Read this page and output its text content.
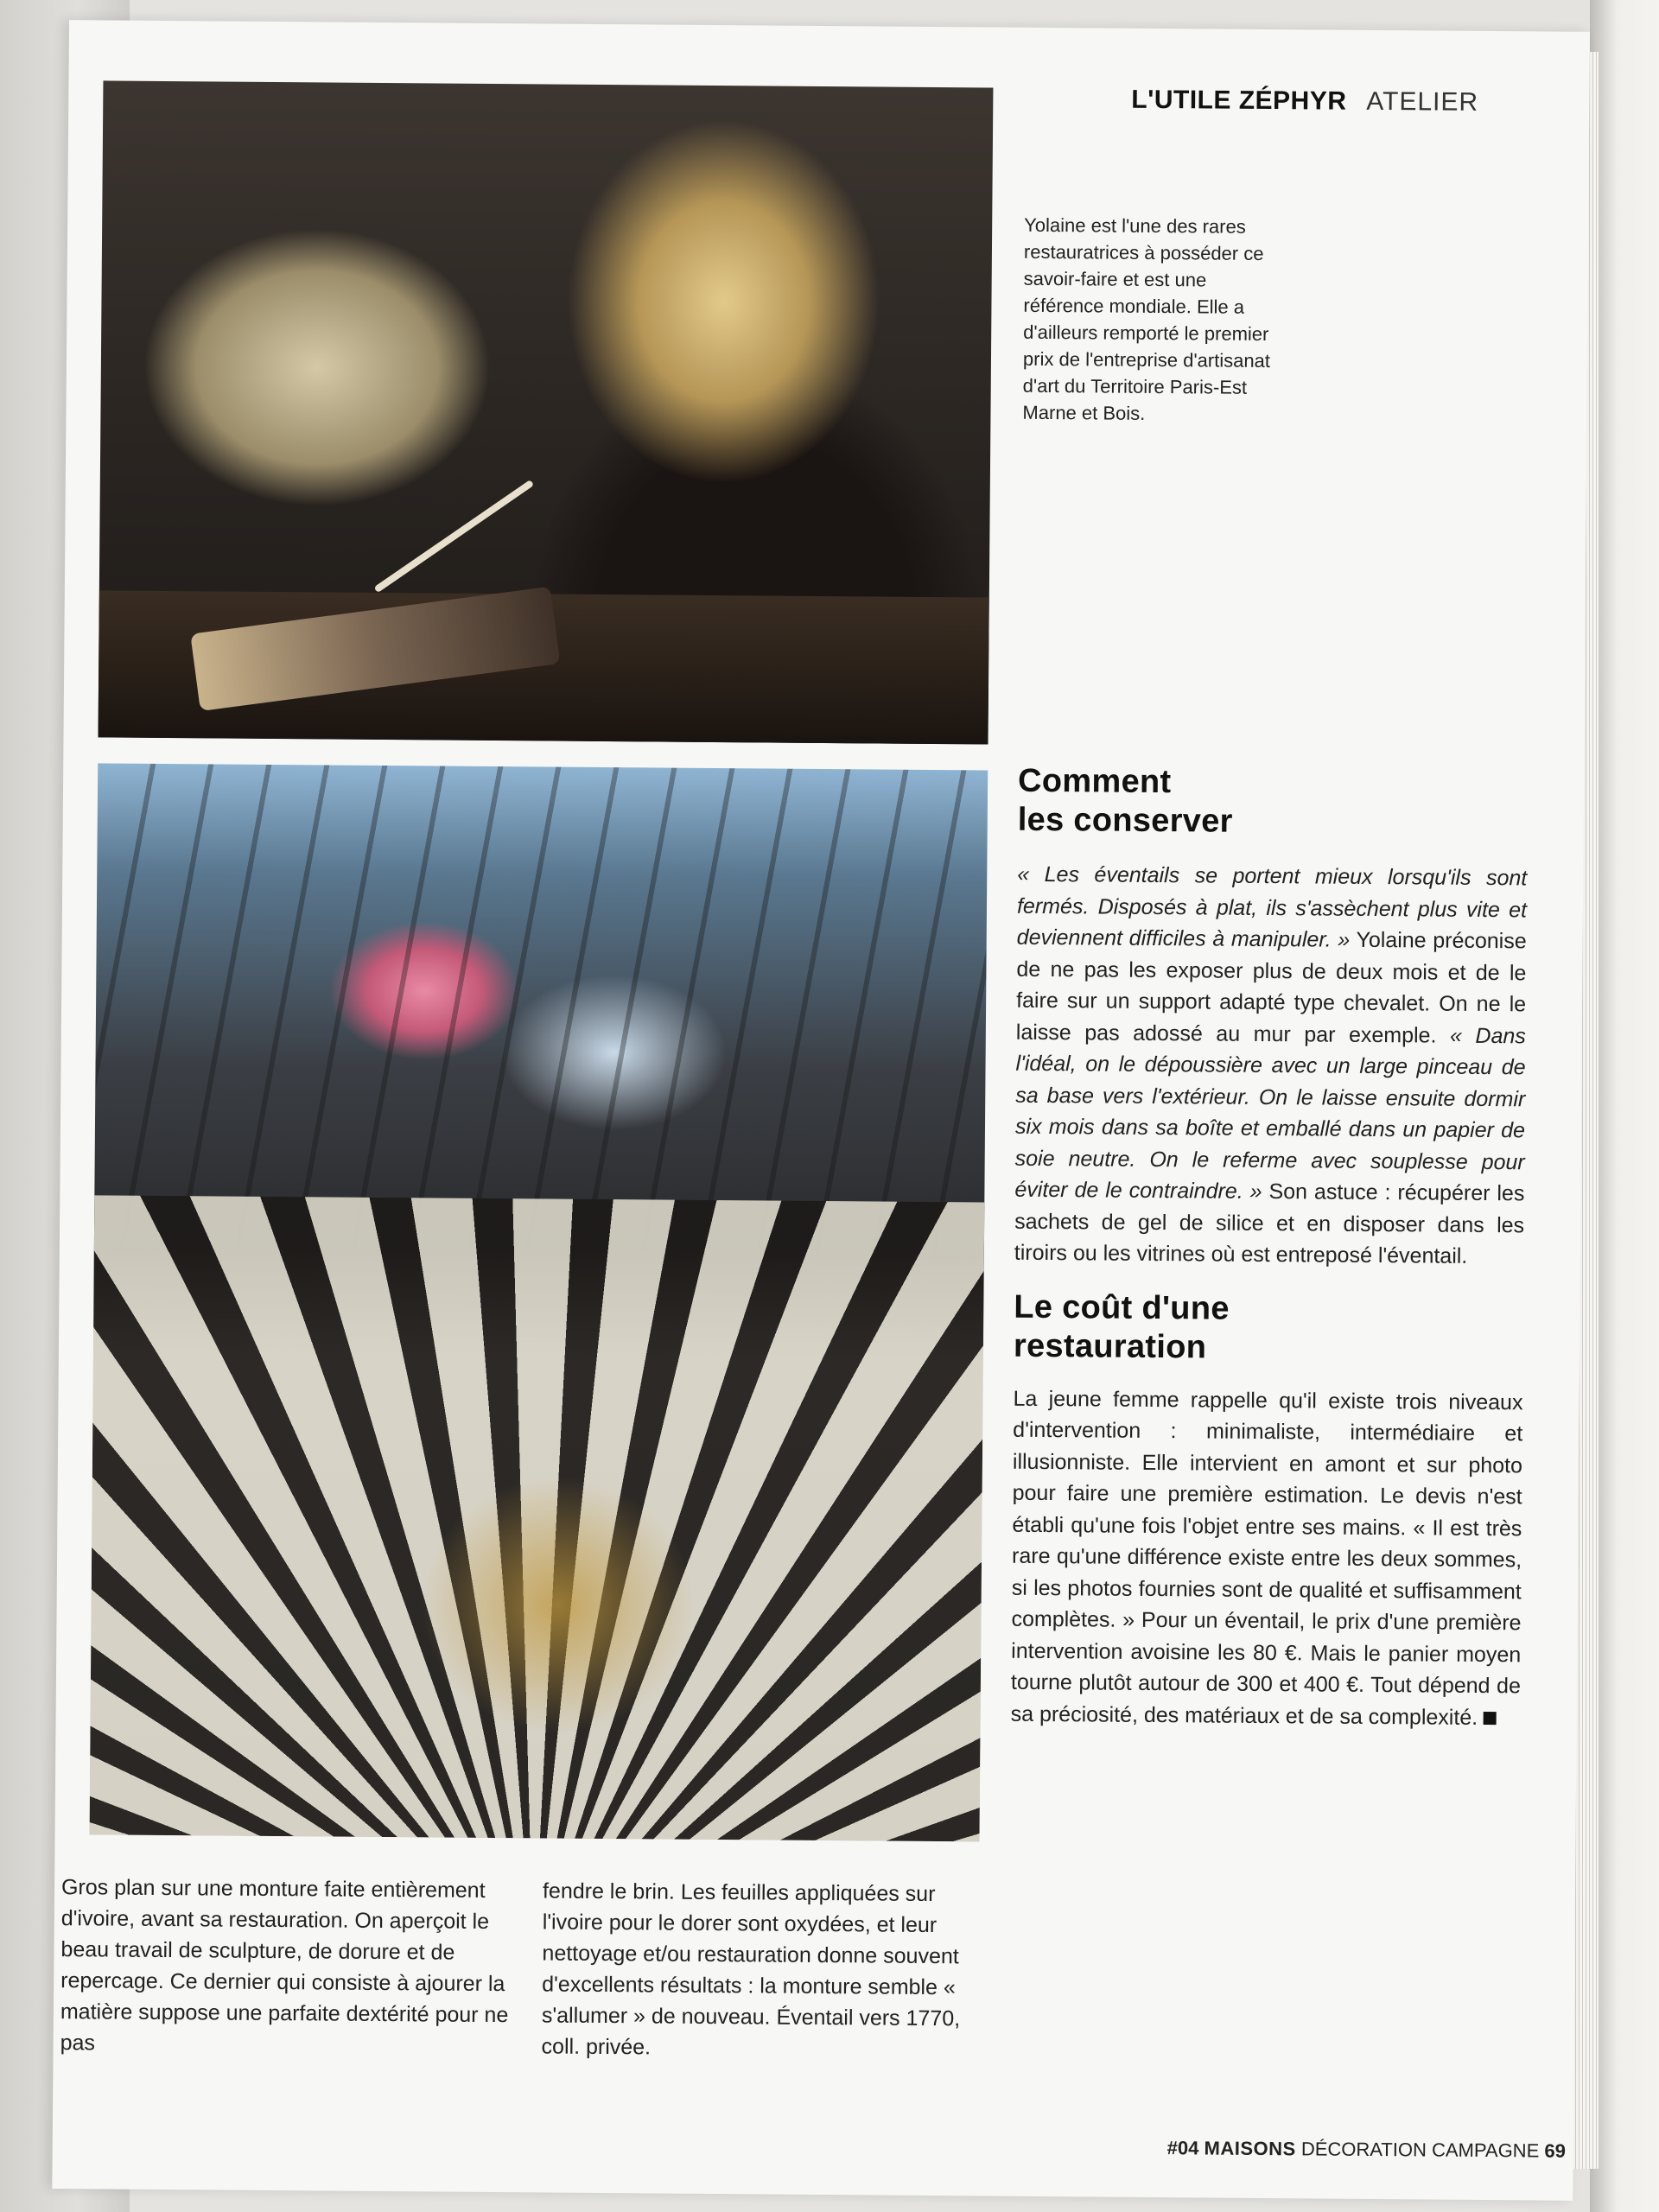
L'UTILE ZÉPHYR ATELIER
Yolaine est l'une des rares restauratrices à posséder ce savoir-faire et est une référence mondiale. Elle a d'ailleurs remporté le premier prix de l'entreprise d'artisanat d'art du Territoire Paris-Est Marne et Bois.
Comment
les conserver

« Les éventails se portent mieux lorsqu'ils sont fermés. Disposés à plat, ils s'assèchent plus vite et deviennent difficiles à manipuler. » Yolaine préconise de ne pas les exposer plus de deux mois et de le faire sur un support adapté type chevalet. On ne le laisse pas adossé au mur par exemple. « Dans l'idéal, on le dépoussière avec un large pinceau de sa base vers l'extérieur. On le laisse ensuite dormir six mois dans sa boîte et emballé dans un papier de soie neutre. On le referme avec souplesse pour éviter de le contraindre. » Son astuce : récupérer les sachets de gel de silice et en disposer dans les tiroirs ou les vitrines où est entreposé l'éventail.

Le coût d'une
restauration

La jeune femme rappelle qu'il existe trois niveaux d'intervention : minimaliste, intermédiaire et illusionniste. Elle intervient en amont et sur photo pour faire une première estimation. Le devis n'est établi qu'une fois l'objet entre ses mains. « Il est très rare qu'une différence existe entre les deux sommes, si les photos fournies sont de qualité et suffisamment complètes. » Pour un éventail, le prix d'une première intervention avoisine les 80 €. Mais le panier moyen tourne plutôt autour de 300 et 400 €. Tout dépend de sa préciosité, des matériaux et de sa complexité.

Gros plan sur une monture faite entièrement d'ivoire, avant sa restauration. On aperçoit le beau travail de sculpture, de dorure et de repercage. Ce dernier qui consiste à ajourer la matière suppose une parfaite dextérité pour ne pas
fendre le brin. Les feuilles appliquées sur l'ivoire pour le dorer sont oxydées, et leur nettoyage et/ou restauration donne souvent d'excellents résultats : la monture semble « s'allumer » de nouveau. Éventail vers 1770, coll. privée.
#04 MAISONS DÉCORATION CAMPAGNE 69
